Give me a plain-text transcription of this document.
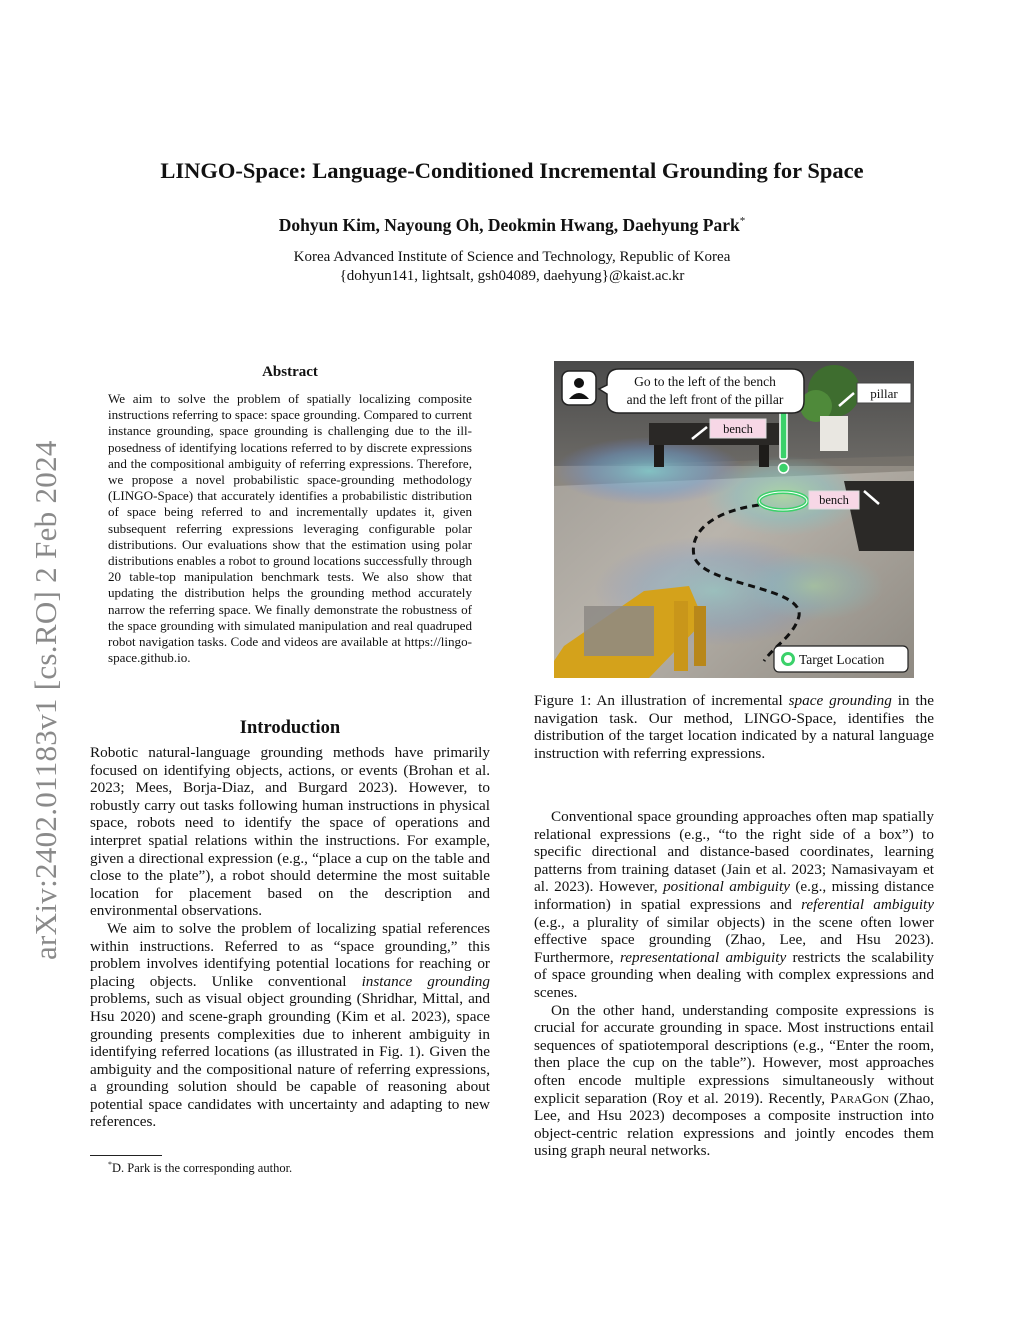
arXiv:2402.01183v1 [cs.RO] 2 Feb 2024
LINGO-Space: Language-Conditioned Incremental Grounding for Space
Dohyun Kim, Nayoung Oh, Deokmin Hwang, Daehyung Park*
Korea Advanced Institute of Science and Technology, Republic of Korea
{dohyun141, lightsalt, gsh04089, daehyung}@kaist.ac.kr
Abstract
We aim to solve the problem of spatially localizing composite instructions referring to space: space grounding. Compared to current instance grounding, space grounding is challenging due to the ill-posedness of identifying locations referred to by discrete expressions and the compositional ambiguity of referring expressions. Therefore, we propose a novel probabilistic space-grounding methodology (LINGO-Space) that accurately identifies a probabilistic distribution of space being referred to and incrementally updates it, given subsequent referring expressions leveraging configurable polar distributions. Our evaluations show that the estimation using polar distributions enables a robot to ground locations successfully through 20 table-top manipulation benchmark tests. We also show that updating the distribution helps the grounding method accurately narrow the referring space. We finally demonstrate the robustness of the space grounding with simulated manipulation and real quadruped robot navigation tasks. Code and videos are available at https://lingo-space.github.io.
Introduction

Robotic natural-language grounding methods have primarily focused on identifying objects, actions, or events (Brohan et al. 2023; Mees, Borja-Diaz, and Burgard 2023). However, to robustly carry out tasks following human instructions in physical space, robots need to identify the space of operations and interpret spatial relations within the instructions. For example, given a directional expression (e.g., “place a cup on the table and close to the plate”), a robot should determine the most suitable location for placement based on the description and environmental observations.

We aim to solve the problem of localizing spatial references within instructions. Referred to as “space grounding,” this problem involves identifying potential locations for reaching or placing objects. Unlike conventional instance grounding problems, such as visual object grounding (Shridhar, Mittal, and Hsu 2020) and scene-graph grounding (Kim et al. 2023), space grounding presents complexities due to inherent ambiguity in identifying referred locations (as illustrated in Fig. 1). Given the ambiguity and the compositional nature of referring expressions, a grounding solution should be capable of reasoning about potential space candidates with uncertainty and adapting to new references.

*D. Park is the corresponding author.
Go to the left of the bench
and the left front of the pillar	pillar
bench
bench
Target Location
Figure 1: An illustration of incremental space grounding in the navigation task. Our method, LINGO-Space, identifies the distribution of the target location indicated by a natural language instruction with referring expressions.

Conventional space grounding approaches often map spatially relational expressions (e.g., “to the right side of a box”) to specific directional and distance-based coordinates, learning patterns from training dataset (Jain et al. 2023; Namasivayam et al. 2023). However, positional ambiguity (e.g., missing distance information) in spatial expressions and referential ambiguity (e.g., a plurality of similar objects) in the scene often lower effective space grounding (Zhao, Lee, and Hsu 2023). Furthermore, representational ambiguity restricts the scalability of space grounding when dealing with complex expressions and scenes.

On the other hand, understanding composite expressions is crucial for accurate grounding in space. Most instructions entail sequences of spatiotemporal descriptions (e.g., “Enter the room, then place the cup on the table”). However, most approaches often encode multiple expressions simultaneously without explicit separation (Roy et al. 2019). Recently, ParaGon (Zhao, Lee, and Hsu 2023) decomposes a composite instruction into object-centric relation expressions and jointly encodes them using graph neural networks.
